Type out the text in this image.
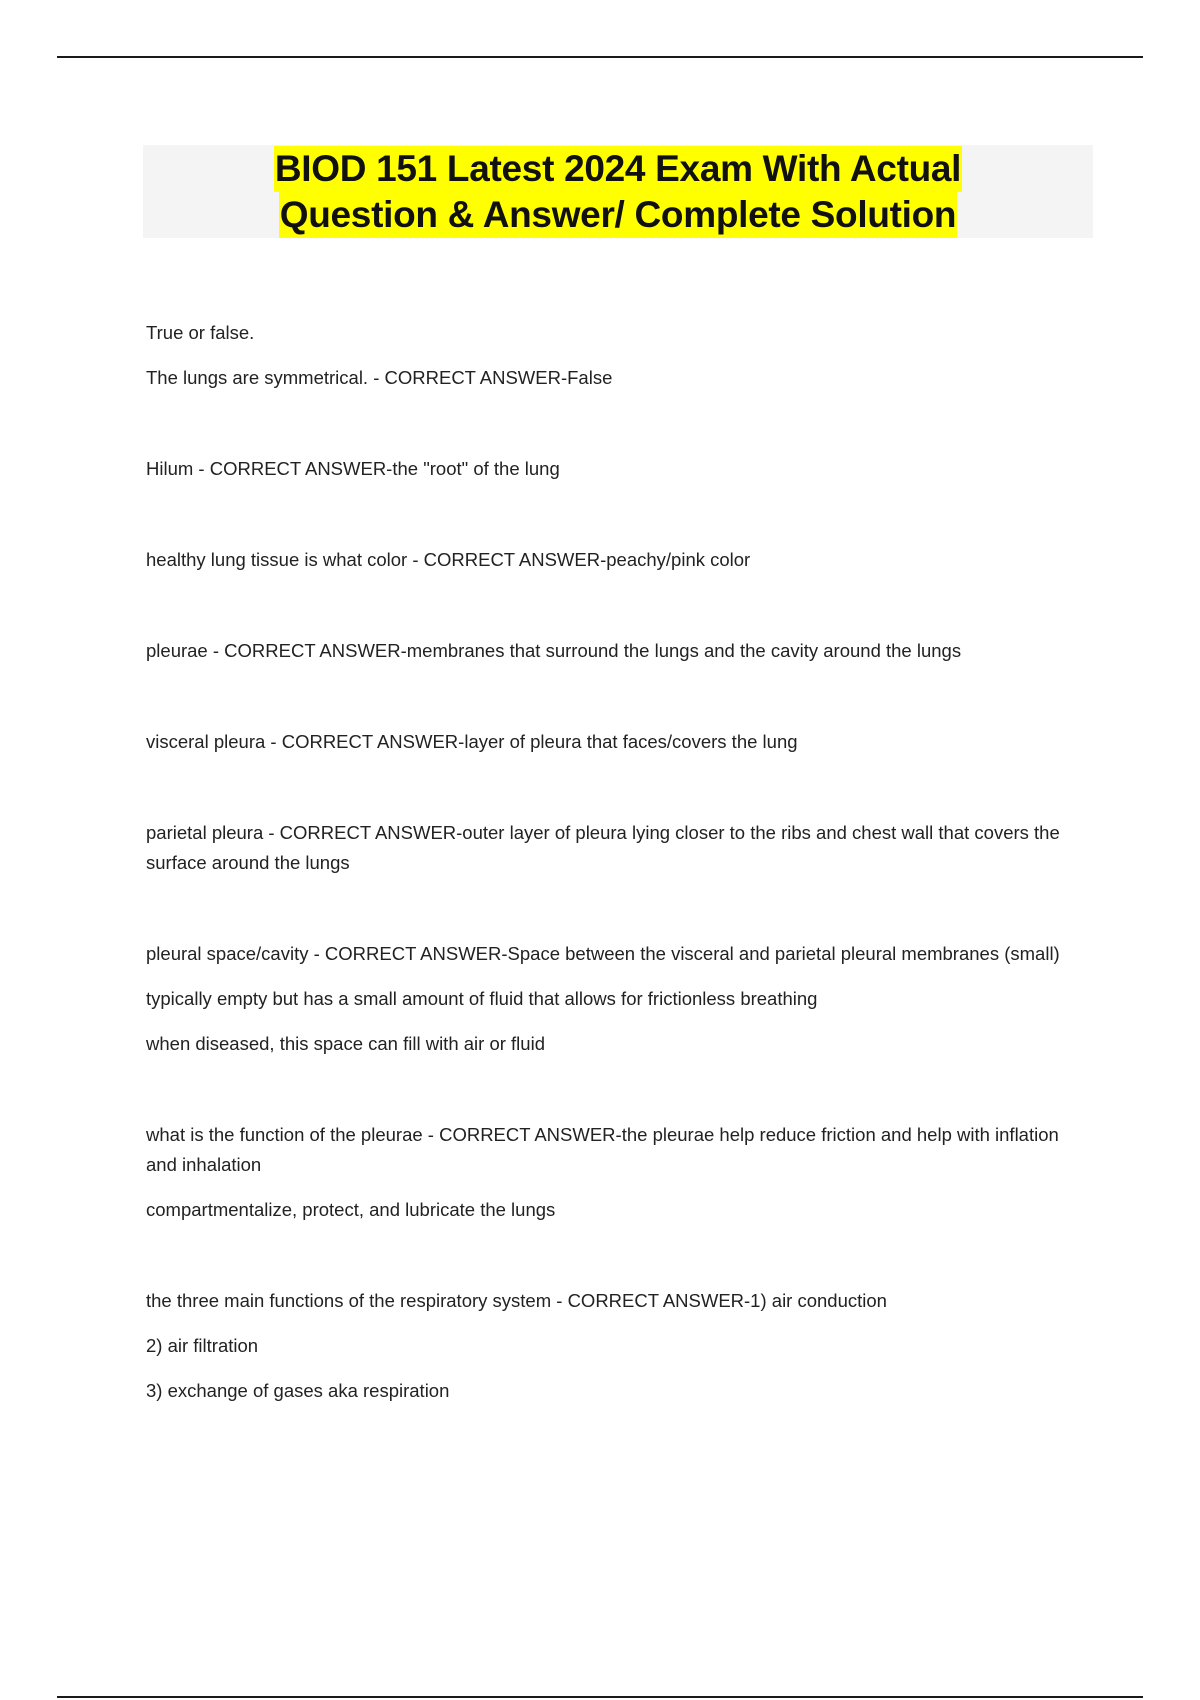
BIOD 151 Latest 2024 Exam With Actual
Question & Answer/ Complete Solution

True or false.

The lungs are symmetrical. - CORRECT ANSWER-False

Hilum - CORRECT ANSWER-the "root" of the lung

healthy lung tissue is what color - CORRECT ANSWER-peachy/pink color

pleurae - CORRECT ANSWER-membranes that surround the lungs and the cavity around the lungs

visceral pleura - CORRECT ANSWER-layer of pleura that faces/covers the lung

parietal pleura - CORRECT ANSWER-outer layer of pleura lying closer to the ribs and chest wall that covers the surface around the lungs

pleural space/cavity - CORRECT ANSWER-Space between the visceral and parietal pleural membranes (small)

typically empty but has a small amount of fluid that allows for frictionless breathing

when diseased, this space can fill with air or fluid

what is the function of the pleurae - CORRECT ANSWER-the pleurae help reduce friction and help with inflation and inhalation

compartmentalize, protect, and lubricate the lungs

the three main functions of the respiratory system - CORRECT ANSWER-1) air conduction

2) air filtration

3) exchange of gases aka respiration
